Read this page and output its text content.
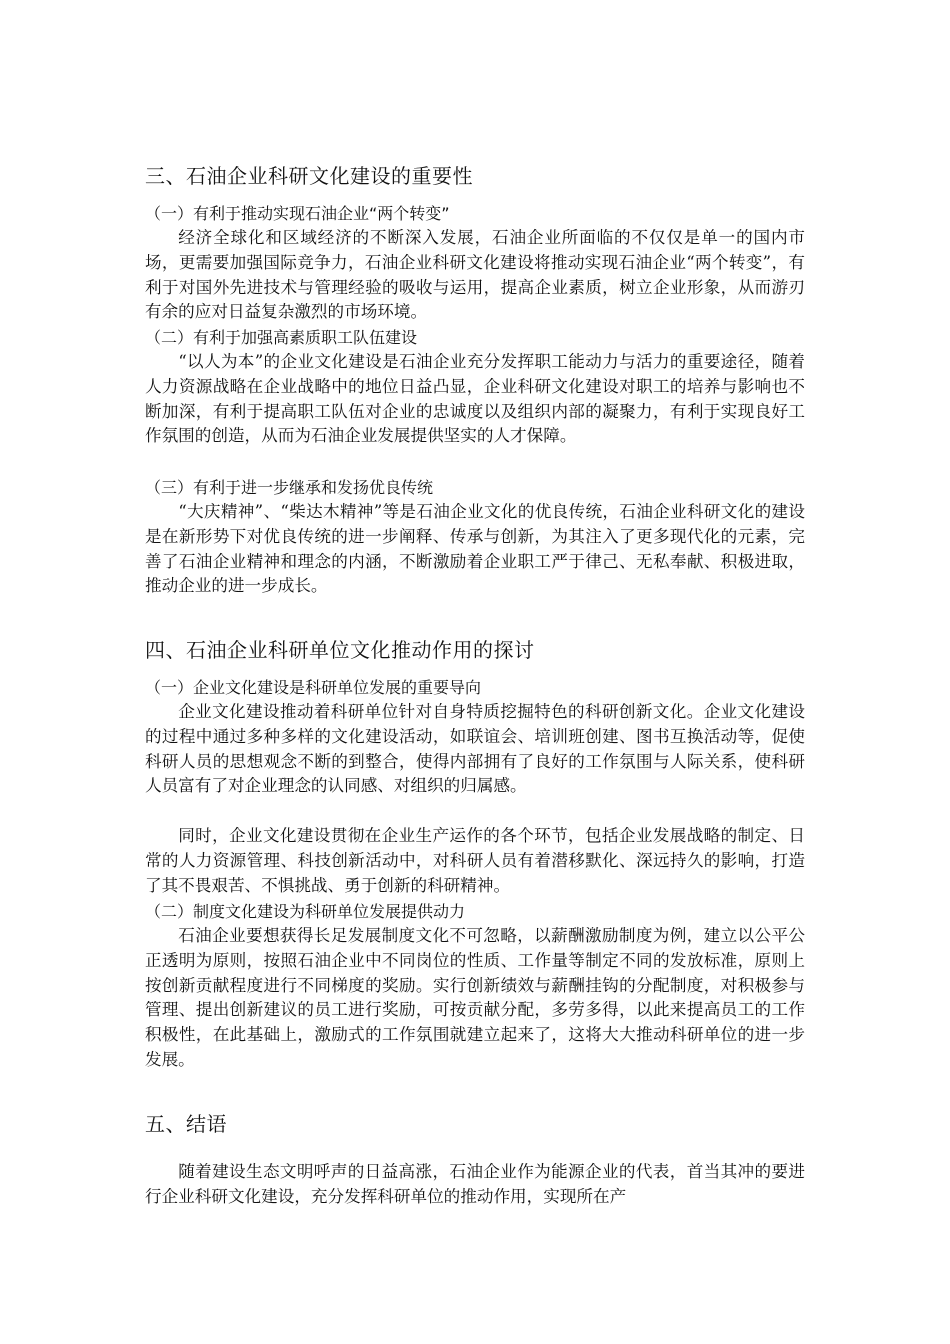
三、石油企业科研文化建设的重要性
（一）有利于推动实现石油企业“两个转变”
经济全球化和区域经济的不断深入发展，石油企业所面临的不仅仅是单一的国内市场，更需要加强国际竞争力，石油企业科研文化建设将推动实现石油企业“两个转变”，有利于对国外先进技术与管理经验的吸收与运用，提高企业素质，树立企业形象，从而游刃有余的应对日益复杂激烈的市场环境。
（二）有利于加强高素质职工队伍建设
“以人为本”的企业文化建设是石油企业充分发挥职工能动力与活力的重要途径，随着人力资源战略在企业战略中的地位日益凸显，企业科研文化建设对职工的培养与影响也不断加深，有利于提高职工队伍对企业的忠诚度以及组织内部的凝聚力，有利于实现良好工作氛围的创造，从而为石油企业发展提供坚实的人才保障。
（三）有利于进一步继承和发扬优良传统
“大庆精神”、“柴达木精神”等是石油企业文化的优良传统，石油企业科研文化的建设是在新形势下对优良传统的进一步阐释、传承与创新，为其注入了更多现代化的元素，完善了石油企业精神和理念的内涵，不断激励着企业职工严于律己、无私奉献、积极进取，推动企业的进一步成长。
四、石油企业科研单位文化推动作用的探讨
（一）企业文化建设是科研单位发展的重要导向
企业文化建设推动着科研单位针对自身特质挖掘特色的科研创新文化。企业文化建设的过程中通过多种多样的文化建设活动，如联谊会、培训班创建、图书互换活动等，促使科研人员的思想观念不断的到整合，使得内部拥有了良好的工作氛围与人际关系，使科研人员富有了对企业理念的认同感、对组织的归属感。
同时，企业文化建设贯彻在企业生产运作的各个环节，包括企业发展战略的制定、日常的人力资源管理、科技创新活动中，对科研人员有着潜移默化、深远持久的影响，打造了其不畏艰苦、不惧挑战、勇于创新的科研精神。
（二）制度文化建设为科研单位发展提供动力
石油企业要想获得长足发展制度文化不可忽略，以薪酬激励制度为例，建立以公平公正透明为原则，按照石油企业中不同岗位的性质、工作量等制定不同的发放标准，原则上按创新贡献程度进行不同梯度的奖励。实行创新绩效与薪酬挂钩的分配制度，对积极参与管理、提出创新建议的员工进行奖励，可按贡献分配，多劳多得，以此来提高员工的工作积极性，在此基础上，激励式的工作氛围就建立起来了，这将大大推动科研单位的进一步发展。
五、结语
随着建设生态文明呼声的日益高涨，石油企业作为能源企业的代表，首当其冲的要进行企业科研文化建设，充分发挥科研单位的推动作用，实现所在产
